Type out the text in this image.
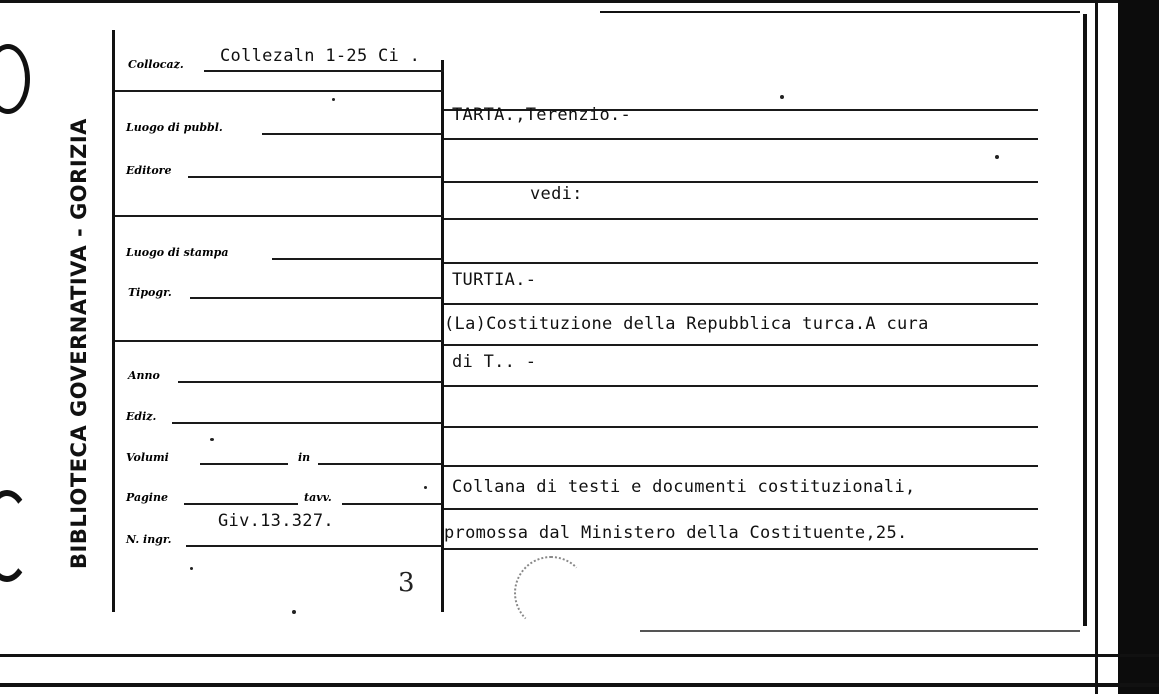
BIBLIOTECA GOVERNATIVA - GORIZIA
Collocaz.
Luogo di pubbl.
Editore
Luogo di stampa
Tipogr.
Anno
Ediz.
Volumi	in
Pagine	tavv.
N. ingr.
Collezaln 1-25 Ci .
Giv.13.327.
TARTA.,Terenzio.-
vedi:
TURTIA.-
(La)Costituzione della Repubblica turca.A cura
di T.. -
Collana di testi e documenti costituzionali,
promossa dal Ministero della Costituente,25.
3
